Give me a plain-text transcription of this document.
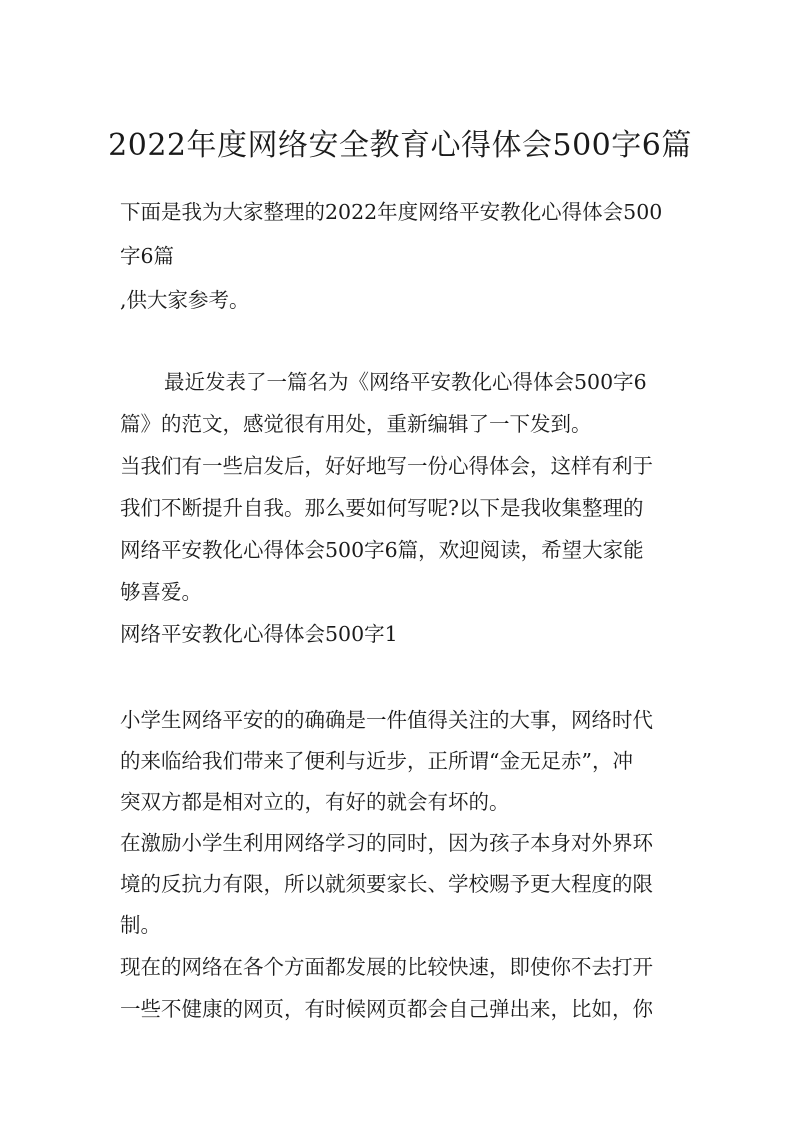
2022年度网络安全教育心得体会500字6篇
下面是我为大家整理的2022年度网络平安教化心得体会500
字6篇
,供大家参考。
最近发表了一篇名为《网络平安教化心得体会500字6
篇》的范文，感觉很有用处，重新编辑了一下发到。
当我们有一些启发后，好好地写一份心得体会，这样有利于
我们不断提升自我。那么要如何写呢?以下是我收集整理的
网络平安教化心得体会500字6篇，欢迎阅读，希望大家能
够喜爱。
网络平安教化心得体会500字1
小学生网络平安的的确确是一件值得关注的大事，网络时代
的来临给我们带来了便利与近步，正所谓“金无足赤”，冲
突双方都是相对立的，有好的就会有坏的。
在激励小学生利用网络学习的同时，因为孩子本身对外界环
境的反抗力有限，所以就须要家长、学校赐予更大程度的限
制。
现在的网络在各个方面都发展的比较快速，即使你不去打开
一些不健康的网页，有时候网页都会自己弹出来，比如，你
